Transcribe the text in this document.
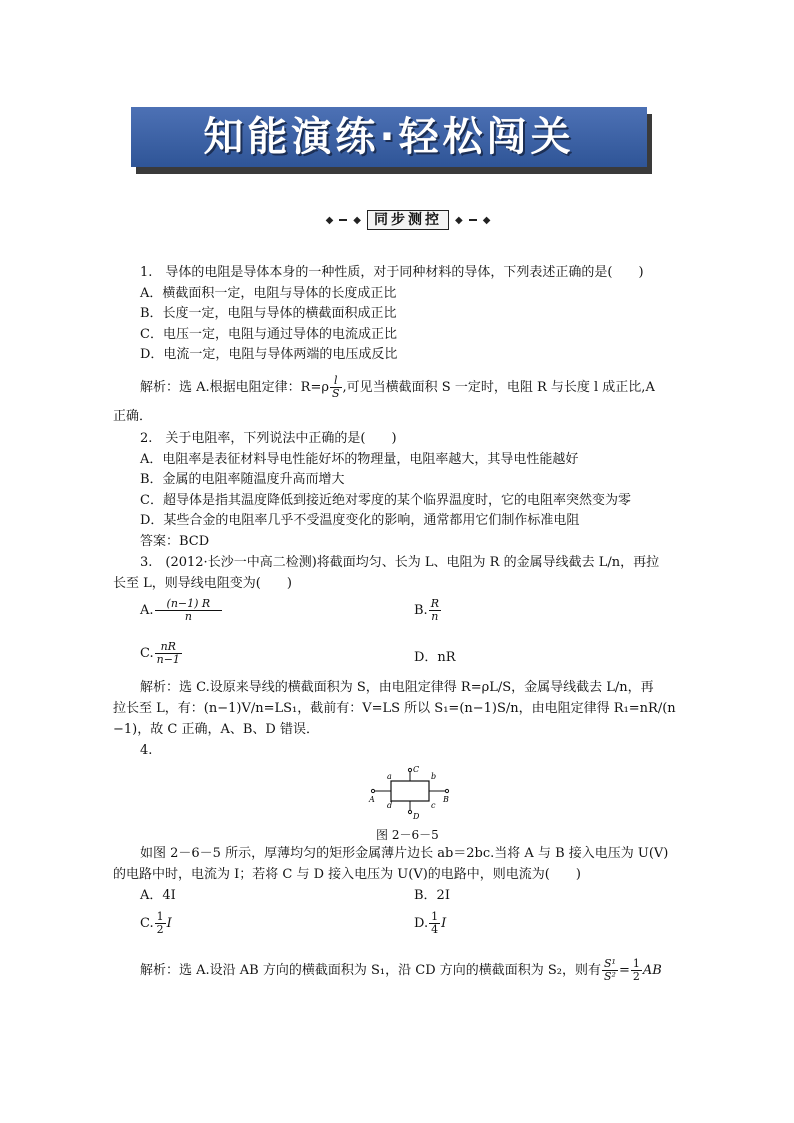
知能演练·轻松闯关
◆ ◆ 同步测控	◆ ◆
1.　导体的电阻是导体本身的一种性质，对于同种材料的导体，下列表述正确的是(　　)
A．横截面积一定，电阻与导体的长度成正比
B．长度一定，电阻与导体的横截面积成正比
C．电压一定，电阻与通过导体的电流成正比
D．电流一定，电阻与导体两端的电压成反比
解析：选 A.根据电阻定律：$R=\rho \frac{l}{S}$ ,可见当横截面积 S 一定时，电阻 R 与长度 l 成正比,A
正确．
2.　关于电阻率，下列说法中正确的是(　　)
A．电阻率是表征材料导电性能好坏的物理量，电阻率越大，其导电性能越好
B．金属的电阻率随温度升高而增大
C．超导体是指其温度降低到接近绝对零度的某个临界温度时，它的电阻率突然变为零
D．某些合金的电阻率几乎不受温度变化的影响，通常都用它们制作标准电阻
答案：BCD
3.　(2012·长沙一中高二检测)将截面均匀、长为 L、电阻为 R 的金属导线截去 L/n，再拉
长至 L，则导线电阻变为(　　)
A. $\frac{(n-1) R}{n}$	B. $\frac{R}{n}$
C. $\frac{nR}{n-1}$	D．nR
解析：选 C.设原来导线的横截面积为 S，由电阻定律得 R=ρL/S，金属导线截去 L/n，再
拉长至 L，有：(n−1)V/n=LS₁，截前有：V=LS 所以 S₁=(n−1)S/n，由电阻定律得 R₁=nR/(n
−1)，故 C 正确，A、B、D 错误．
4.
a	b
c
d
A	B
C
D
图 2－6－5
如图 2－6－5 所示，厚薄均匀的矩形金属薄片边长 ab＝2bc.当将 A 与 B 接入电压为 U(V)
的电路中时，电流为 I；若将 C 与 D 接入电压为 U(V)的电路中，则电流为(　　)
A．4I	B．2I
C. $\frac{1}{2}$ I	D. $\frac{1}{4}$ I
解析：选 A.设沿 AB 方向的横截面积为 S₁，沿 CD 方向的横截面积为 S₂，则有 $\frac{\text{S¹}}{\text{S²}} = \frac{1}{2}$ AB
